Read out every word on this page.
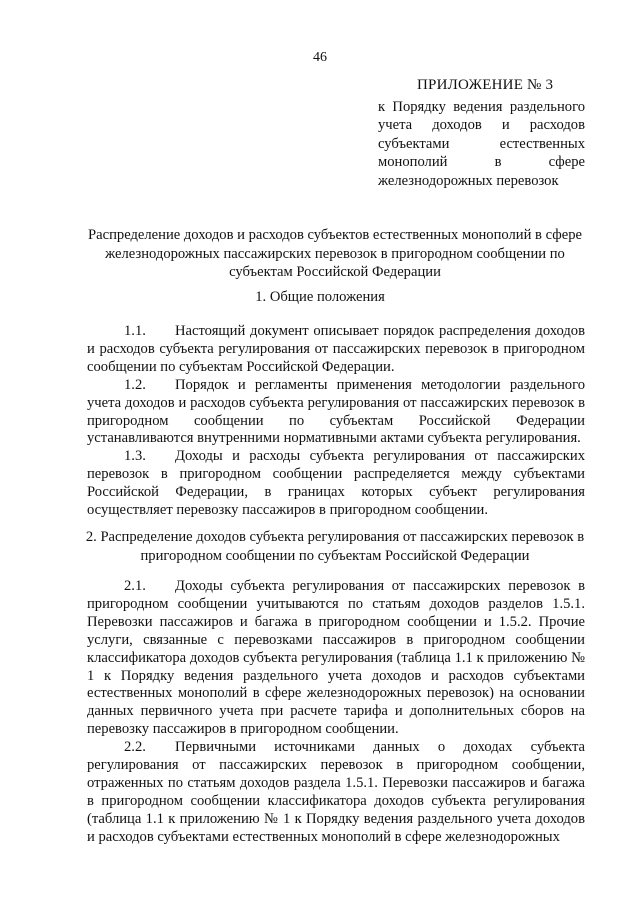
46
ПРИЛОЖЕНИЕ № 3
к Порядку ведения раздельного учета доходов и расходов субъектами естественных монополий в сфере железнодорожных перевозок
Распределение доходов и расходов субъектов естественных монополий в сфере железнодорожных пассажирских перевозок в пригородном сообщении по субъектам Российской Федерации
1. Общие положения

1.1. Настоящий документ описывает порядок распределения доходов и расходов субъекта регулирования от пассажирских перевозок в пригородном сообщении по субъектам Российской Федерации.

1.2. Порядок и регламенты применения методологии раздельного учета доходов и расходов субъекта регулирования от пассажирских перевозок в пригородном сообщении по субъектам Российской Федерации устанавливаются внутренними нормативными актами субъекта регулирования.

1.3. Доходы и расходы субъекта регулирования от пассажирских перевозок в пригородном сообщении распределяется между субъектами Российской Федерации, в границах которых субъект регулирования осуществляет перевозку пассажиров в пригородном сообщении.

2. Распределение доходов субъекта регулирования от пассажирских перевозок в пригородном сообщении по субъектам Российской Федерации

2.1. Доходы субъекта регулирования от пассажирских перевозок в пригородном сообщении учитываются по статьям доходов разделов 1.5.1. Перевозки пассажиров и багажа в пригородном сообщении и 1.5.2. Прочие услуги, связанные с перевозками пассажиров в пригородном сообщении классификатора доходов субъекта регулирования (таблица 1.1 к приложению № 1 к Порядку ведения раздельного учета доходов и расходов субъектами естественных монополий в сфере железнодорожных перевозок) на основании данных первичного учета при расчете тарифа и дополнительных сборов на перевозку пассажиров в пригородном сообщении.

2.2. Первичными источниками данных о доходах субъекта регулирования от пассажирских перевозок в пригородном сообщении, отраженных по статьям доходов раздела 1.5.1. Перевозки пассажиров и багажа в пригородном сообщении классификатора доходов субъекта регулирования (таблица 1.1 к приложению № 1 к Порядку ведения раздельного учета доходов и расходов субъектами естественных монополий в сфере железнодорожных
